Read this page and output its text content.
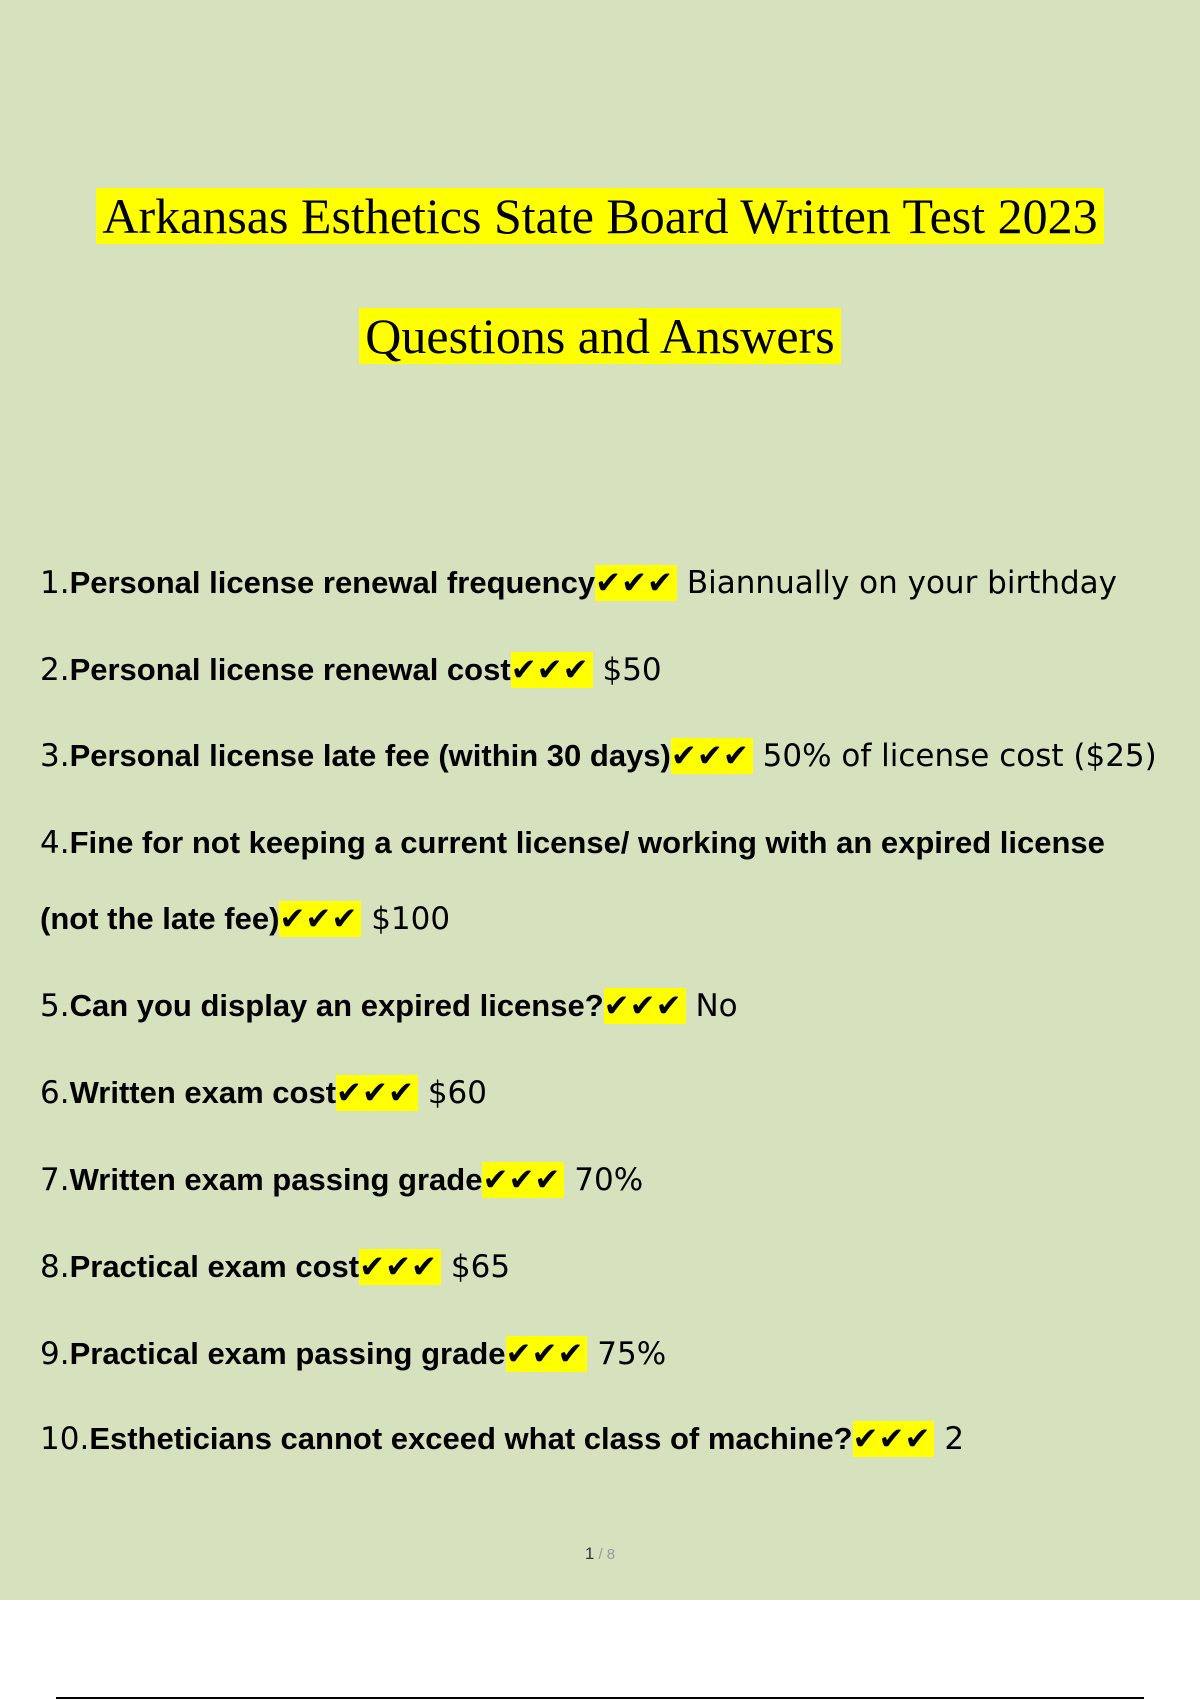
Arkansas Esthetics State Board Written Test 2023
Questions and Answers
1.Personal license renewal frequency✔✔✔ Biannually on your birthday
2.Personal license renewal cost✔✔✔ $50
3.Personal license late fee (within 30 days)✔✔✔ 50% of license cost ($25)
4.Fine for not keeping a current license/ working with an expired license
(not the late fee)✔✔✔ $100
5.Can you display an expired license?✔✔✔ No
6.Written exam cost✔✔✔ $60
7.Written exam passing grade✔✔✔ 70%
8.Practical exam cost✔✔✔ $65
9.Practical exam passing grade✔✔✔ 75%
10.Estheticians cannot exceed what class of machine?✔✔✔ 2
1 / 8
